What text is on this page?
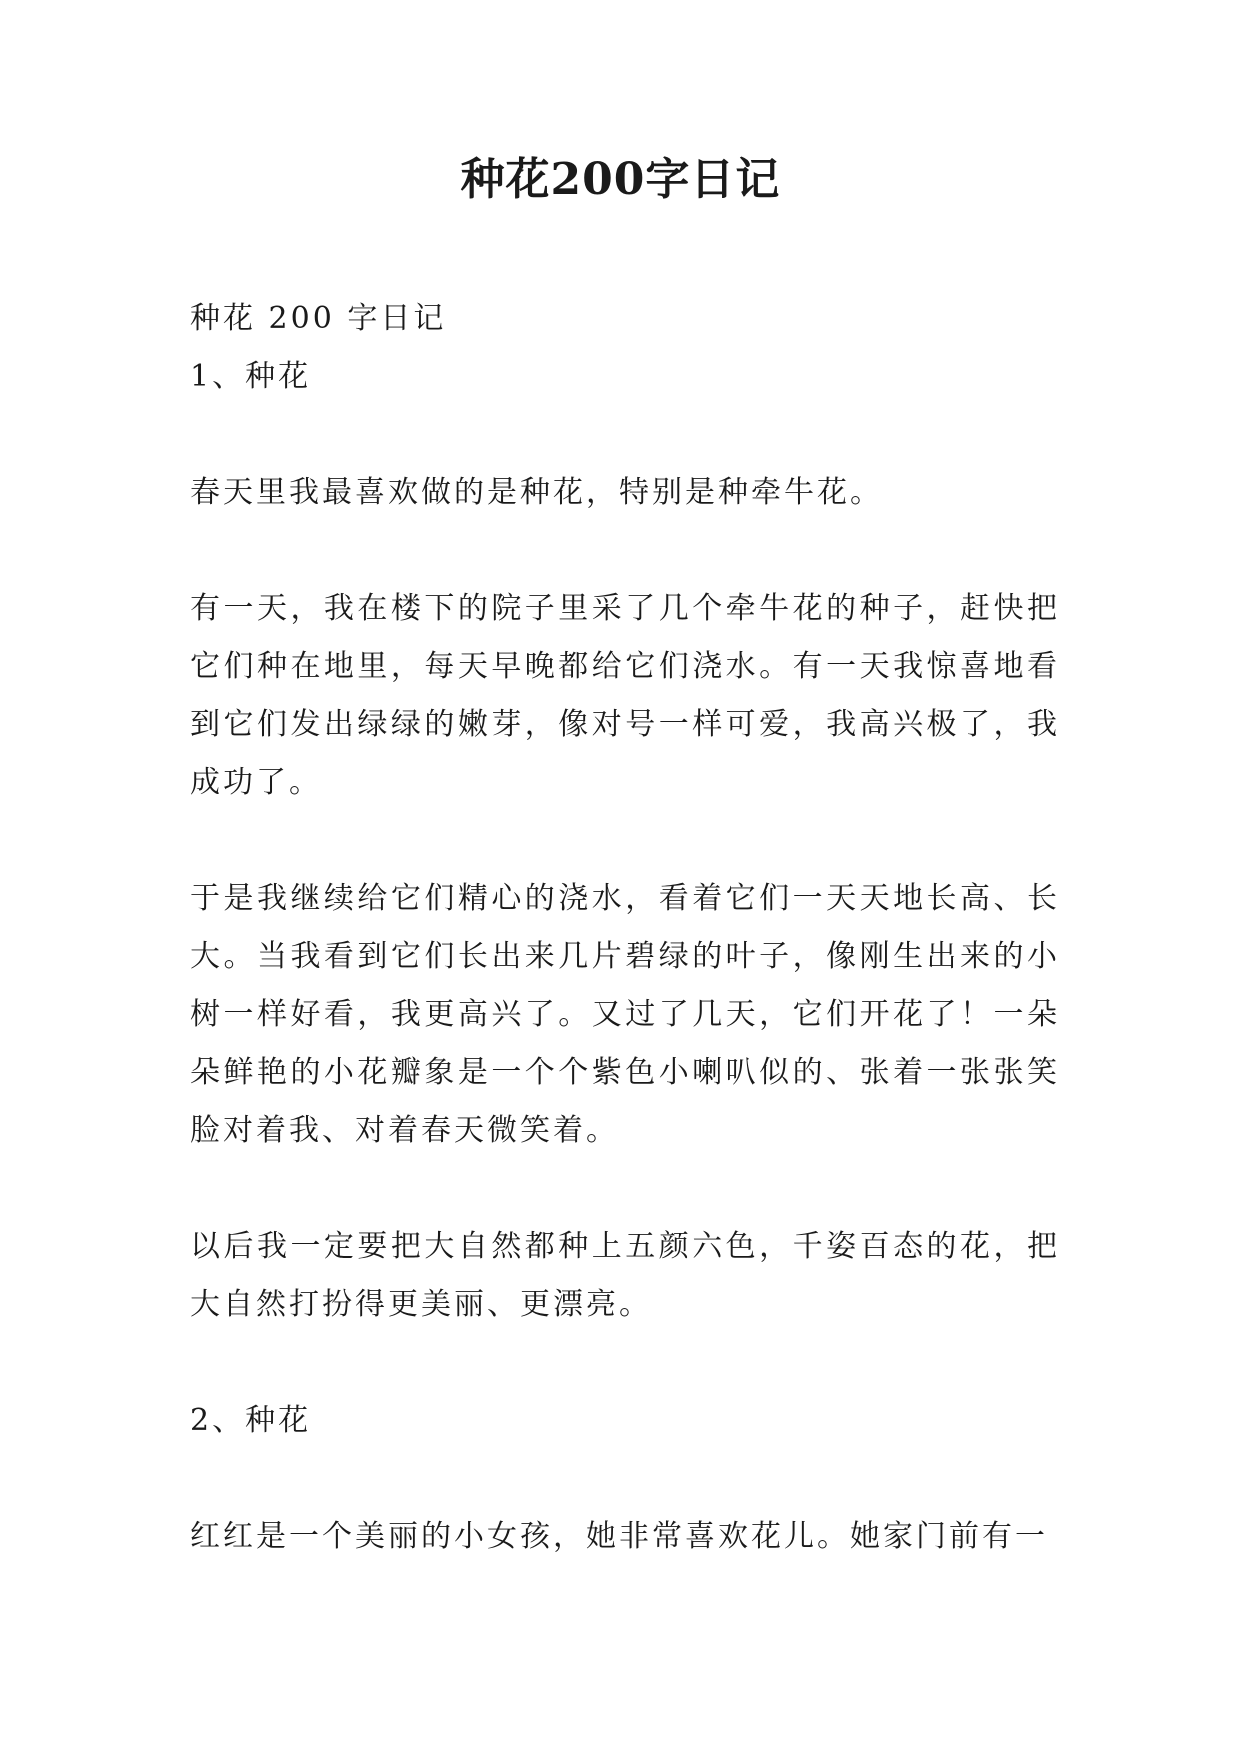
种花200字日记

种花 200 字日记

1、种花

春天里我最喜欢做的是种花，特别是种牵牛花。

有一天，我在楼下的院子里采了几个牵牛花的种子，赶快把它们种在地里，每天早晚都给它们浇水。有一天我惊喜地看到它们发出绿绿的嫩芽，像对号一样可爱，我高兴极了，我成功了。

于是我继续给它们精心的浇水，看着它们一天天地长高、长大。当我看到它们长出来几片碧绿的叶子，像刚生出来的小树一样好看，我更高兴了。又过了几天，它们开花了！一朵朵鲜艳的小花瓣象是一个个紫色小喇叭似的、张着一张张笑脸对着我、对着春天微笑着。

以后我一定要把大自然都种上五颜六色，千姿百态的花，把大自然打扮得更美丽、更漂亮。

2、种花

红红是一个美丽的小女孩，她非常喜欢花儿。她家门前有一
